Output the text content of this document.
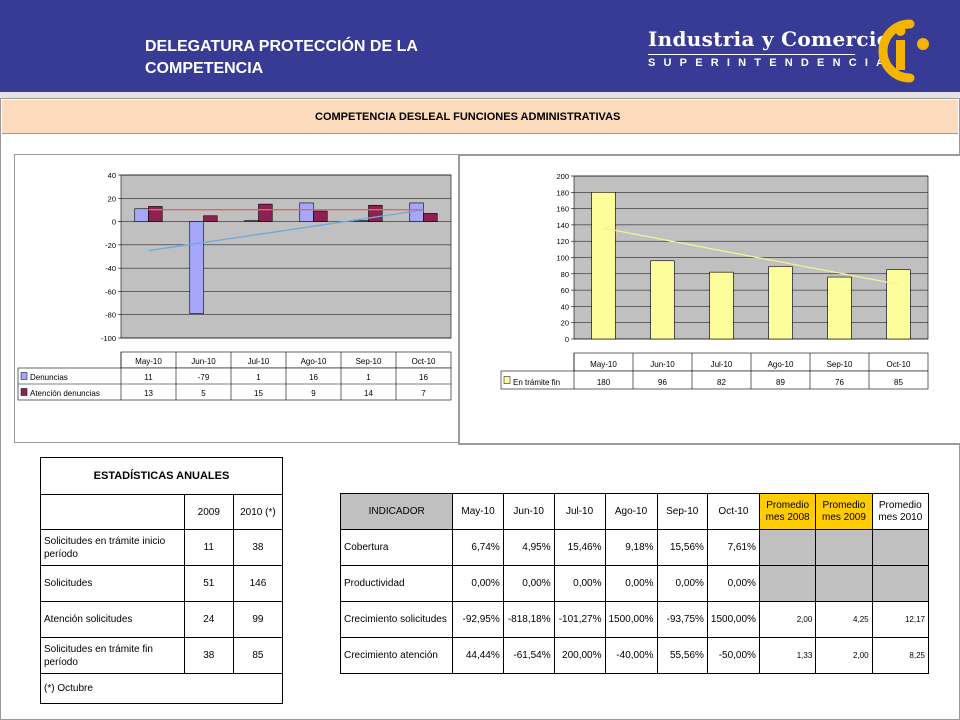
DELEGATURA PROTECCIÓN DE LA COMPETENCIA
Industria y Comercio
SUPERINTENDENCIA
COMPETENCIA DESLEAL FUNCIONES ADMINISTRATIVAS
40
20
0
-20
-40
-60
-80
-100
May-10	Jun-10	Jul-10	Ago-10	Sep-10	Oct-10
Denuncias	11	-79	1	16	1	16
Atención denuncias	13	5	15	9	14	7
200
180
160
140
120
100
80
60
40
20
0
May-10	Jun-10	Jul-10	Ago-10	Sep-10	Oct-10
En trámite fin	180	96	82	89	76	85
ESTADÍSTICAS ANUALES		
	2009	2010 (*)
Solicitudes en trámite inicio período	11	38
Solicitudes	51	146
Atención solicitudes	24	99
Solicitudes en trámite fin período	38	85
(*) Octubre		
INDICADOR	May-10	Jun-10	Jul-10	Ago-10	Sep-10	Oct-10	Promedio mes 2008	Promedio mes 2009	Promedio mes 2010
Cobertura	6,74%	4,95%	15,46%	9,18%	15,56%	7,61%			
Productividad	0,00%	0,00%	0,00%	0,00%	0,00%	0,00%			
Crecimiento solicitudes	-92,95%	-818,18%	-101,27%	1500,00%	-93,75%	1500,00%	2,00	4,25	12,17
Crecimiento atención	44,44%	-61,54%	200,00%	-40,00%	55,56%	-50,00%	1,33	2,00	8,25
